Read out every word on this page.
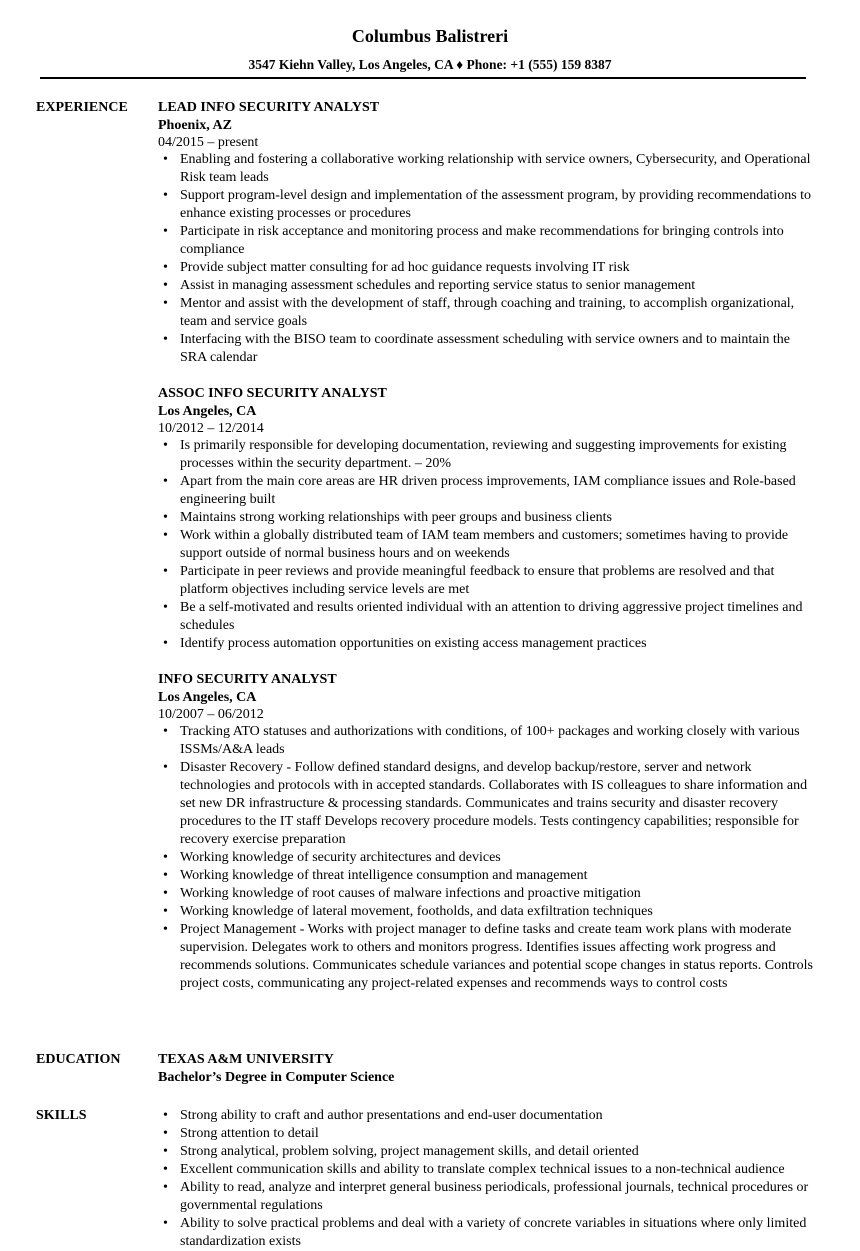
Columbus Balistreri
3547 Kiehn Valley, Los Angeles, CA ♦ Phone: +1 (555) 159 8387
EXPERIENCE LEAD INFO SECURITY ANALYST
Phoenix, AZ
04/2015 – present
• Enabling and fostering a collaborative working relationship with service owners, Cybersecurity, and Operational Risk team leads
• Support program-level design and implementation of the assessment program, by providing recommendations to enhance existing processes or procedures
• Participate in risk acceptance and monitoring process and make recommendations for bringing controls into compliance
• Provide subject matter consulting for ad hoc guidance requests involving IT risk
• Assist in managing assessment schedules and reporting service status to senior management
• Mentor and assist with the development of staff, through coaching and training, to accomplish organizational, team and service goals
• Interfacing with the BISO team to coordinate assessment scheduling with service owners and to maintain the SRA calendar
ASSOC INFO SECURITY ANALYST
Los Angeles, CA
10/2012 – 12/2014
• Is primarily responsible for developing documentation, reviewing and suggesting improvements for existing processes within the security department. – 20%
• Apart from the main core areas are HR driven process improvements, IAM compliance issues and Role-based engineering built
• Maintains strong working relationships with peer groups and business clients
• Work within a globally distributed team of IAM team members and customers; sometimes having to provide support outside of normal business hours and on weekends
• Participate in peer reviews and provide meaningful feedback to ensure that problems are resolved and that platform objectives including service levels are met
• Be a self-motivated and results oriented individual with an attention to driving aggressive project timelines and schedules
• Identify process automation opportunities on existing access management practices
INFO SECURITY ANALYST
Los Angeles, CA
10/2007 – 06/2012
• Tracking ATO statuses and authorizations with conditions, of 100+ packages and working closely with various ISSMs/A&A leads
• Disaster Recovery - Follow defined standard designs, and develop backup/restore, server and network technologies and protocols with in accepted standards. Collaborates with IS colleagues to share information and set new DR infrastructure & processing standards. Communicates and trains security and disaster recovery procedures to the IT staff Develops recovery procedure models. Tests contingency capabilities; responsible for recovery exercise preparation
• Working knowledge of security architectures and devices
• Working knowledge of threat intelligence consumption and management
• Working knowledge of root causes of malware infections and proactive mitigation
• Working knowledge of lateral movement, footholds, and data exfiltration techniques
• Project Management - Works with project manager to define tasks and create team work plans with moderate supervision. Delegates work to others and monitors progress. Identifies issues affecting work progress and recommends solutions. Communicates schedule variances and potential scope changes in status reports. Controls project costs, communicating any project-related expenses and recommends ways to control costs
EDUCATION	TEXAS A&M UNIVERSITY
Bachelor’s Degree in Computer Science
SKILLS	• Strong ability to craft and author presentations and end-user documentation
• Strong attention to detail
• Strong analytical, problem solving, project management skills, and detail oriented
• Excellent communication skills and ability to translate complex technical issues to a non-technical audience
• Ability to read, analyze and interpret general business periodicals, professional journals, technical procedures or governmental regulations
• Ability to solve practical problems and deal with a variety of concrete variables in situations where only limited standardization exists
